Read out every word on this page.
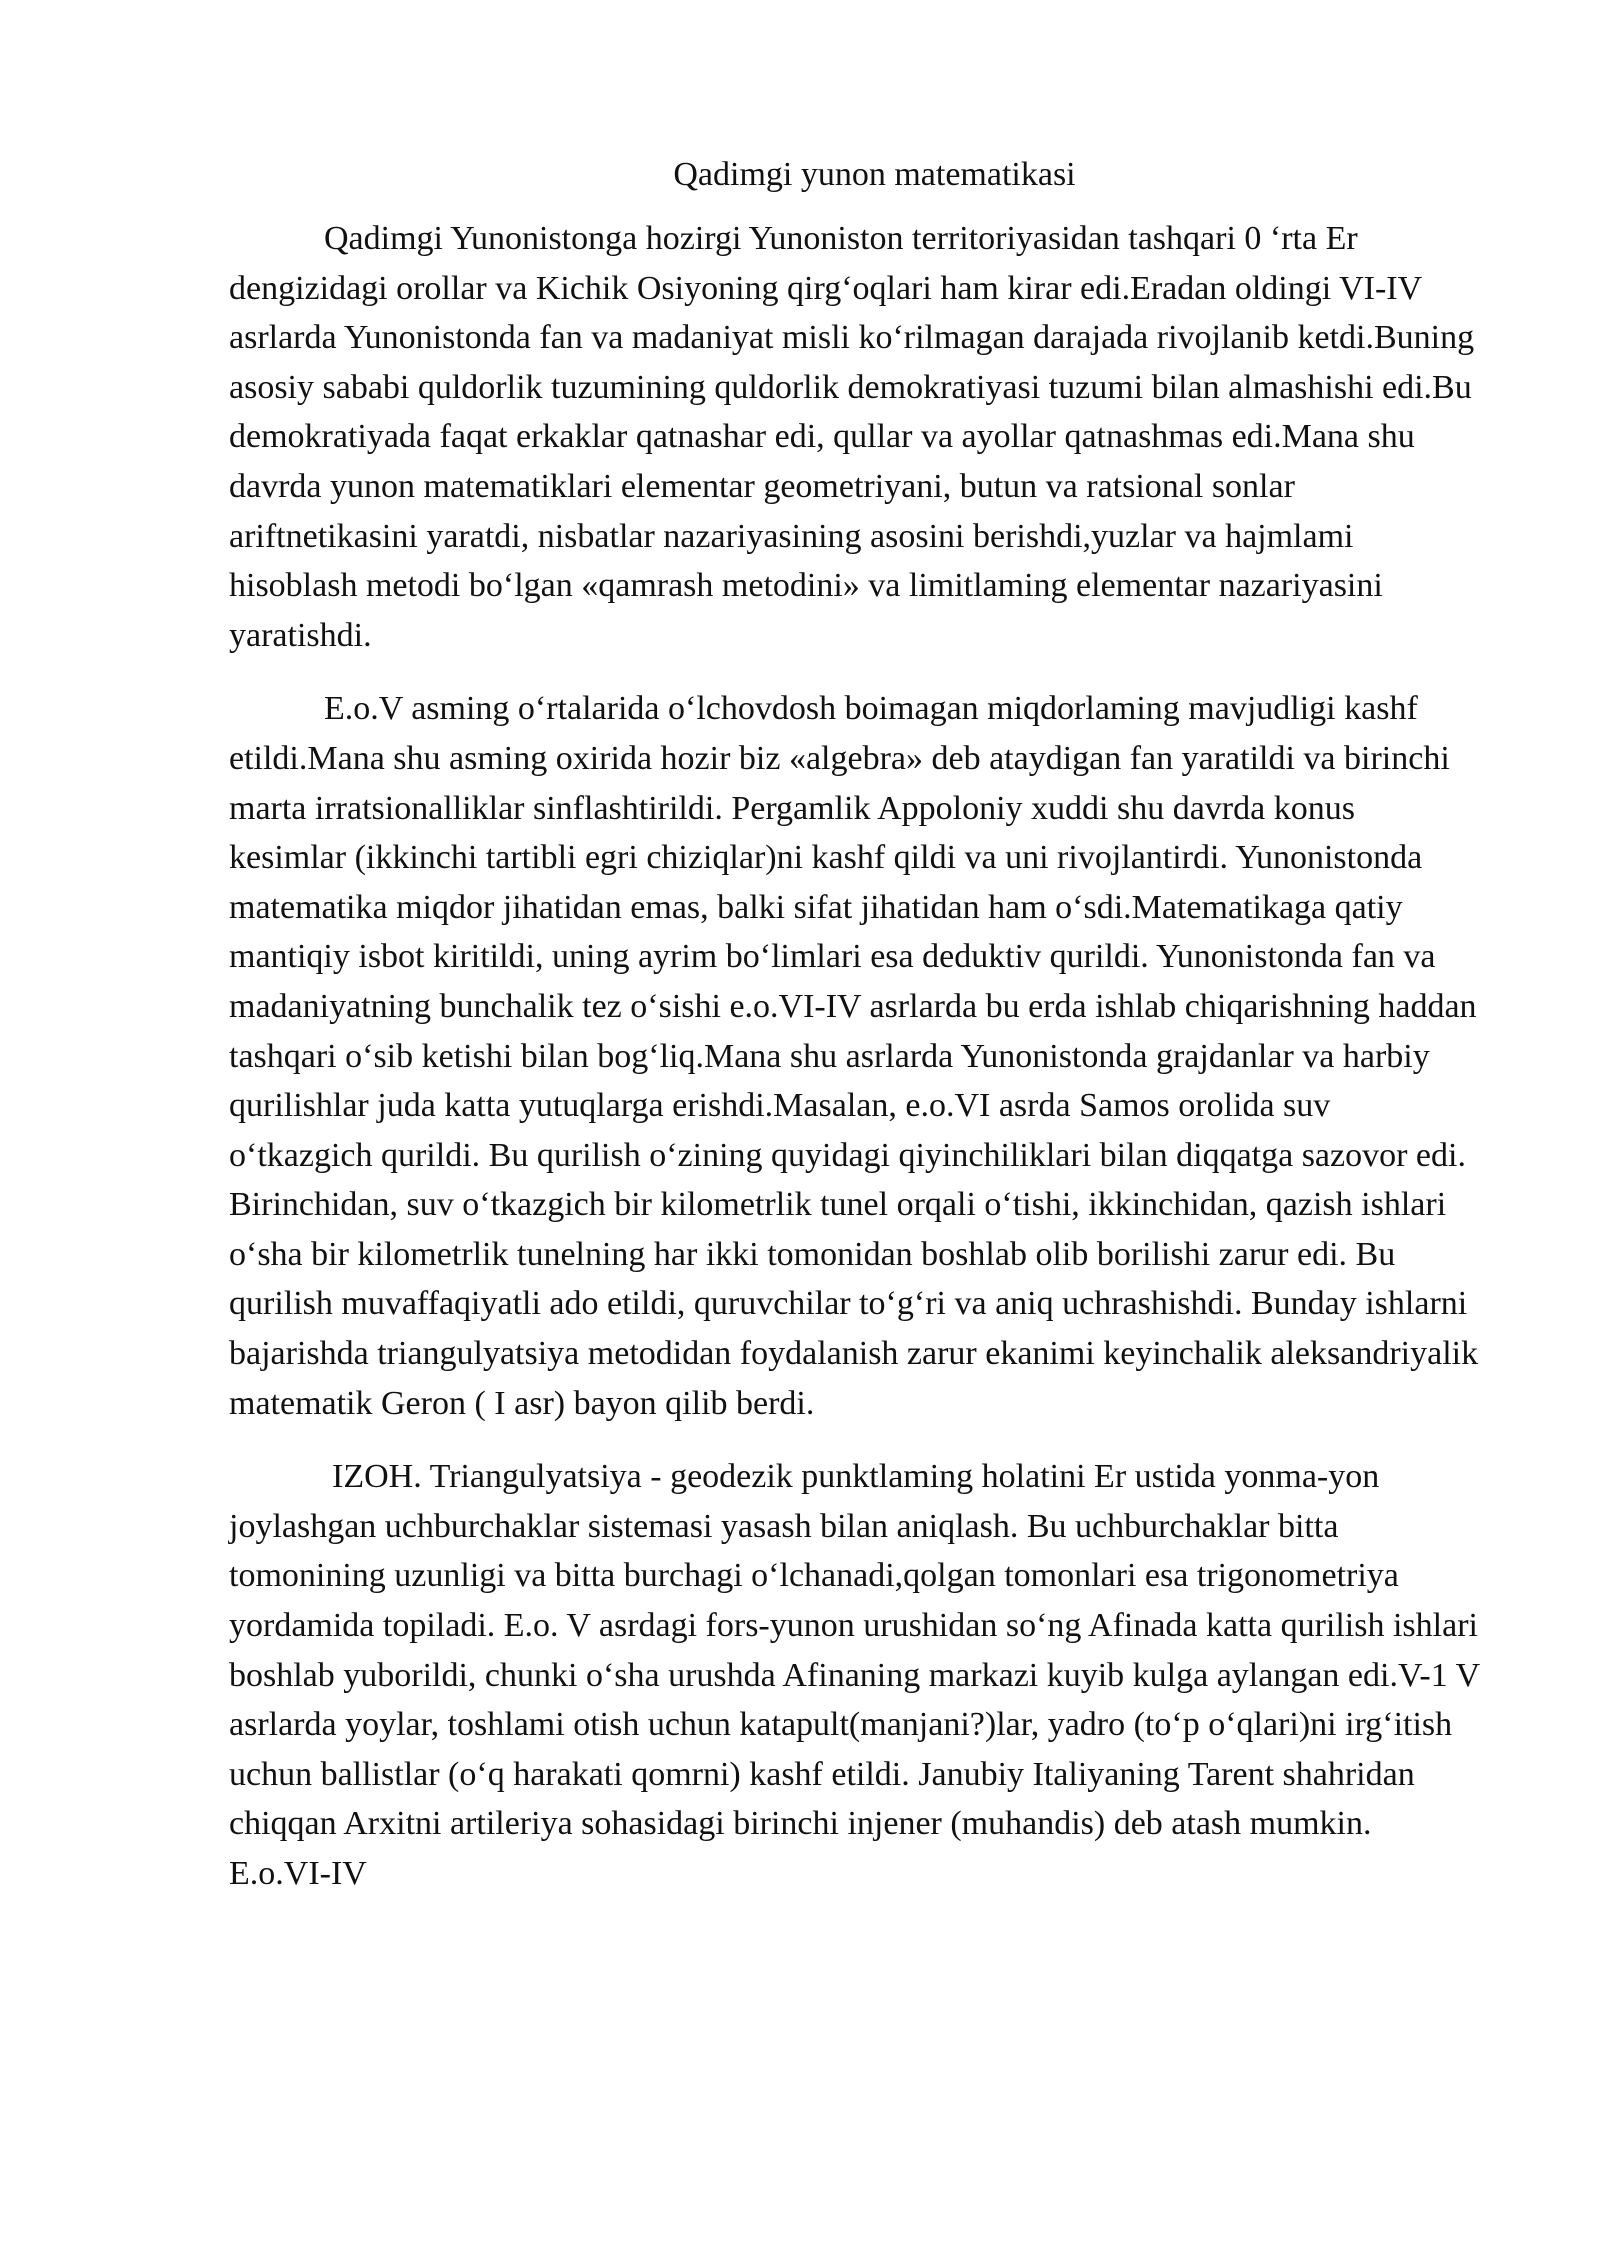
Qadimgi yunon matematikasi

Qadimgi Yunonistonga hozirgi Yunoniston territoriyasidan tashqari 0 ‘rta Er dengizidagi orollar va Kichik Osiyoning qirg‘oqlari ham kirar edi.Eradan oldingi VI-IV asrlarda Yunonistonda fan va madaniyat misli ko‘rilmagan darajada rivojlanib ketdi.Buning asosiy sababi quldorlik tuzumining quldorlik demokratiyasi tuzumi bilan almashishi edi.Bu demokratiyada faqat erkaklar qatnashar edi, qullar va ayollar qatnashmas edi.Mana shu davrda yunon matematiklari elementar geometriyani, butun va ratsional sonlar ariftnetikasini yaratdi, nisbatlar nazariyasining asosini berishdi,yuzlar va hajmlami hisoblash metodi bo‘lgan «qamrash metodini» va limitlaming elementar nazariyasini yaratishdi.

E.o.V asming o‘rtalarida o‘lchovdosh boimagan miqdorlaming mavjudligi kashf etildi.Mana shu asming oxirida hozir biz «algebra» deb ataydigan fan yaratildi va birinchi marta irratsionalliklar sinflashtirildi. Pergamlik Appoloniy xuddi shu davrda konus kesimlar (ikkinchi tartibli egri chiziqlar)ni kashf qildi va uni rivojlantirdi. Yunonistonda matematika miqdor jihatidan emas, balki sifat jihatidan ham o‘sdi.Matematikaga qatiy mantiqiy isbot kiritildi, uning ayrim bo‘limlari esa deduktiv qurildi. Yunonistonda fan va madaniyatning bunchalik tez o‘sishi e.o.VI-IV asrlarda bu erda ishlab chiqarishning haddan tashqari o‘sib ketishi bilan bog‘liq.Mana shu asrlarda Yunonistonda grajdanlar va harbiy qurilishlar juda katta yutuqlarga erishdi.Masalan, e.o.VI asrda Samos orolida suv o‘tkazgich qurildi. Bu qurilish o‘zining quyidagi qiyinchiliklari bilan diqqatga sazovor edi. Birinchidan, suv o‘tkazgich bir kilometrlik tunel orqali o‘tishi, ikkinchidan, qazish ishlari o‘sha bir kilometrlik tunelning har ikki tomonidan boshlab olib borilishi zarur edi. Bu qurilish muvaffaqiyatli ado etildi, quruvchilar to‘g‘ri va aniq uchrashishdi. Bunday ishlarni bajarishda triangulyatsiya metodidan foydalanish zarur ekanimi keyinchalik aleksandriyalik matematik Geron ( I asr) bayon qilib berdi.

IZOH. Triangulyatsiya - geodezik punktlaming holatini Er ustida yonma-yon joylashgan uchburchaklar sistemasi yasash bilan aniqlash. Bu uchburchaklar bitta tomonining uzunligi va bitta burchagi o‘lchanadi,qolgan tomonlari esa trigonometriya yordamida topiladi. E.o. V asrdagi fors-yunon urushidan so‘ng Afinada katta qurilish ishlari boshlab yuborildi, chunki o‘sha urushda Afinaning markazi kuyib kulga aylangan edi.V-1 V asrlarda yoylar, toshlami otish uchun katapult(manjani?)lar, yadro (to‘p o‘qlari)ni irg‘itish uchun ballistlar (o‘q harakati qomrni) kashf etildi. Janubiy Italiyaning Tarent shahridan chiqqan Arxitni artileriya sohasidagi birinchi injener (muhandis) deb atash mumkin. E.o.VI-IV
